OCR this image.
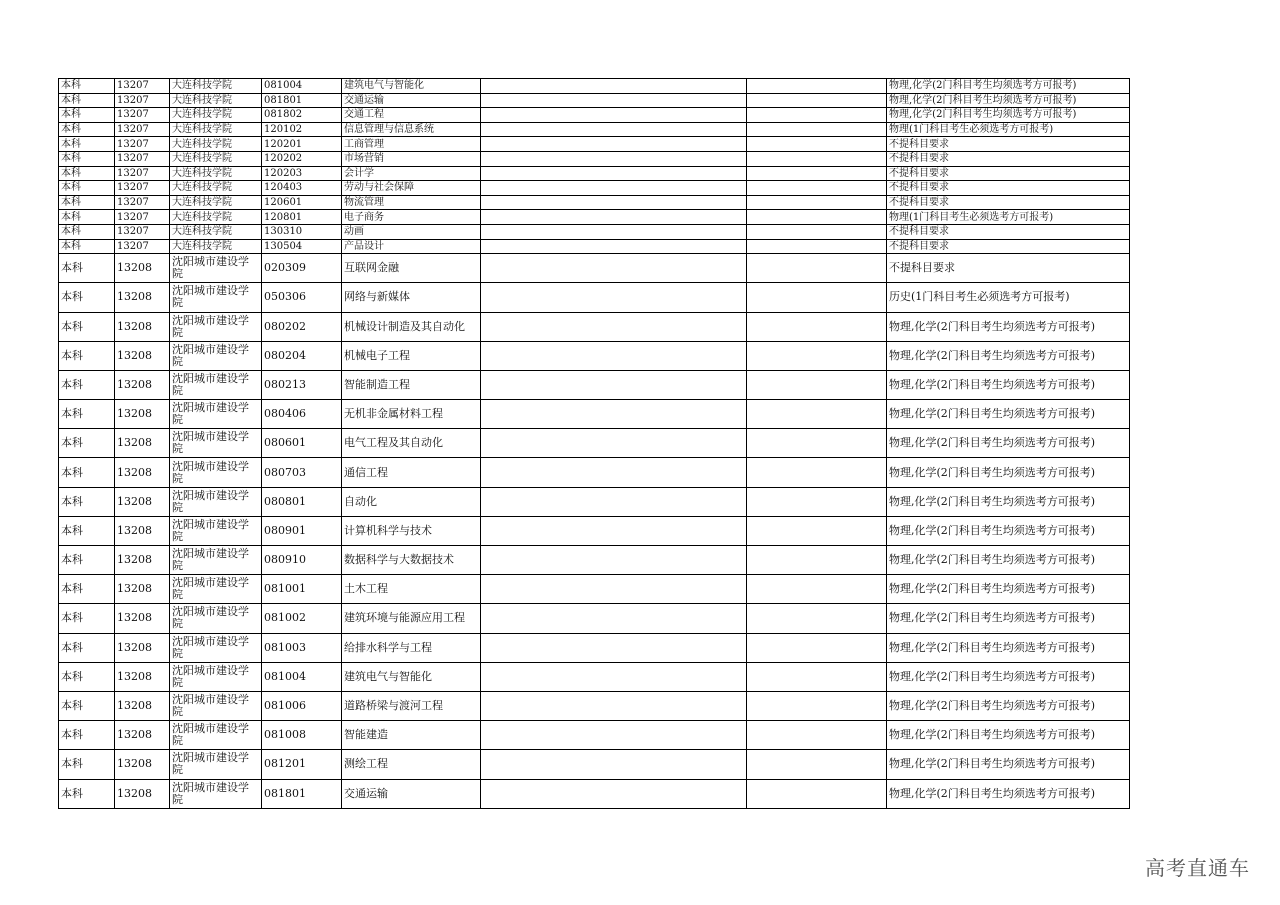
本科	13207	大连科技学院	081004	建筑电气与智能化			物理,化学(2门科目考生均须选考方可报考)
本科	13207	大连科技学院	081801	交通运输			物理,化学(2门科目考生均须选考方可报考)
本科	13207	大连科技学院	081802	交通工程			物理,化学(2门科目考生均须选考方可报考)
本科	13207	大连科技学院	120102	信息管理与信息系统			物理(1门科目考生必须选考方可报考)
本科	13207	大连科技学院	120201	工商管理			不提科目要求
本科	13207	大连科技学院	120202	市场营销			不提科目要求
本科	13207	大连科技学院	120203	会计学			不提科目要求
本科	13207	大连科技学院	120403	劳动与社会保障			不提科目要求
本科	13207	大连科技学院	120601	物流管理			不提科目要求
本科	13207	大连科技学院	120801	电子商务			物理(1门科目考生必须选考方可报考)
本科	13207	大连科技学院	130310	动画			不提科目要求
本科	13207	大连科技学院	130504	产品设计			不提科目要求
本科	13208	沈阳城市建设学院	020309	互联网金融			不提科目要求
本科	13208	沈阳城市建设学院	050306	网络与新媒体			历史(1门科目考生必须选考方可报考)
本科	13208	沈阳城市建设学院	080202	机械设计制造及其自动化			物理,化学(2门科目考生均须选考方可报考)
本科	13208	沈阳城市建设学院	080204	机械电子工程			物理,化学(2门科目考生均须选考方可报考)
本科	13208	沈阳城市建设学院	080213	智能制造工程			物理,化学(2门科目考生均须选考方可报考)
本科	13208	沈阳城市建设学院	080406	无机非金属材料工程			物理,化学(2门科目考生均须选考方可报考)
本科	13208	沈阳城市建设学院	080601	电气工程及其自动化			物理,化学(2门科目考生均须选考方可报考)
本科	13208	沈阳城市建设学院	080703	通信工程			物理,化学(2门科目考生均须选考方可报考)
本科	13208	沈阳城市建设学院	080801	自动化			物理,化学(2门科目考生均须选考方可报考)
本科	13208	沈阳城市建设学院	080901	计算机科学与技术			物理,化学(2门科目考生均须选考方可报考)
本科	13208	沈阳城市建设学院	080910	数据科学与大数据技术			物理,化学(2门科目考生均须选考方可报考)
本科	13208	沈阳城市建设学院	081001	土木工程			物理,化学(2门科目考生均须选考方可报考)
本科	13208	沈阳城市建设学院	081002	建筑环境与能源应用工程			物理,化学(2门科目考生均须选考方可报考)
本科	13208	沈阳城市建设学院	081003	给排水科学与工程			物理,化学(2门科目考生均须选考方可报考)
本科	13208	沈阳城市建设学院	081004	建筑电气与智能化			物理,化学(2门科目考生均须选考方可报考)
本科	13208	沈阳城市建设学院	081006	道路桥梁与渡河工程			物理,化学(2门科目考生均须选考方可报考)
本科	13208	沈阳城市建设学院	081008	智能建造			物理,化学(2门科目考生均须选考方可报考)
本科	13208	沈阳城市建设学院	081201	测绘工程			物理,化学(2门科目考生均须选考方可报考)
本科	13208	沈阳城市建设学院	081801	交通运输			物理,化学(2门科目考生均须选考方可报考)
高考直通车
